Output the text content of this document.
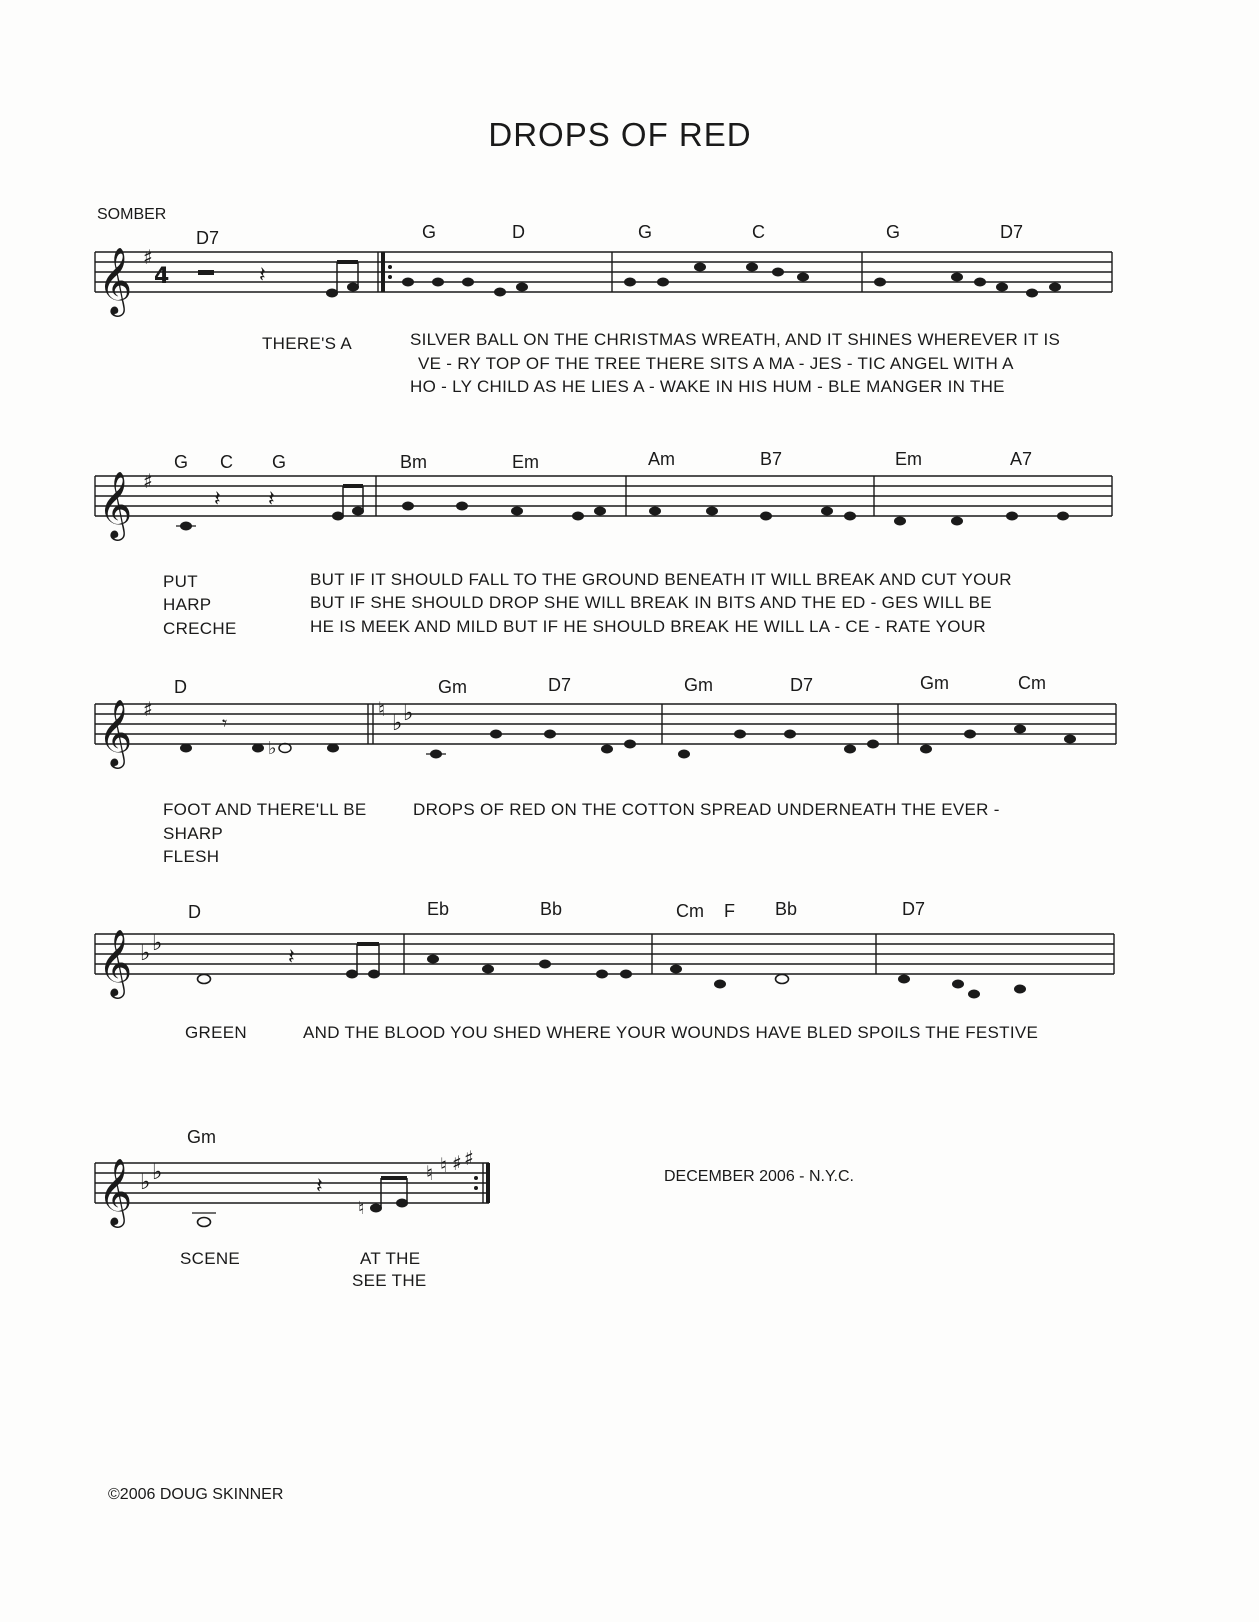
DROPS OF RED
SOMBER
D7	G	D	G	C	G	D7
𝄞 ♯
4	𝄽
THERE'S A	SILVER BALL ON THE CHRISTMAS WREATH, AND IT SHINES WHEREVER IT IS
VE - RY TOP OF THE TREE THERE SITS A MA - JES - TIC ANGEL WITH A
HO - LY CHILD AS HE LIES A - WAKE IN HIS HUM - BLE MANGER IN THE
G C G	Bm	Em	Am	B7	Em	A7
𝄞 ♯
𝄽 𝄽
PUT	BUT IF IT SHOULD FALL TO THE GROUND BENEATH IT WILL BREAK AND CUT YOUR
HARP	BUT IF SHE SHOULD DROP SHE WILL BREAK IN BITS AND THE ED - GES WILL BE
CRECHE	HE IS MEEK AND MILD BUT IF HE SHOULD BREAK HE WILL LA - CE - RATE YOUR
D	Gm	D7	Gm	D7	Gm	Cm
𝄞 ♯	♮
♭ ♭
𝄾
♭
FOOT AND THERE'LL BE	DROPS OF RED ON THE COTTON SPREAD UNDERNEATH THE EVER -
SHARP
FLESH
D	Eb	Bb	Cm F Bb	D7
𝄞 ♭ ♭
𝄽
GREEN	AND THE BLOOD YOU SHED WHERE YOUR WOUNDS HAVE BLED SPOILS THE FESTIVE
Gm
𝄞 ♭ ♭	♮ ♮ ♯ ♯
𝄽
♮
SCENE	AT THE
SEE THE
DECEMBER 2006 - N.Y.C.
©2006 DOUG SKINNER
